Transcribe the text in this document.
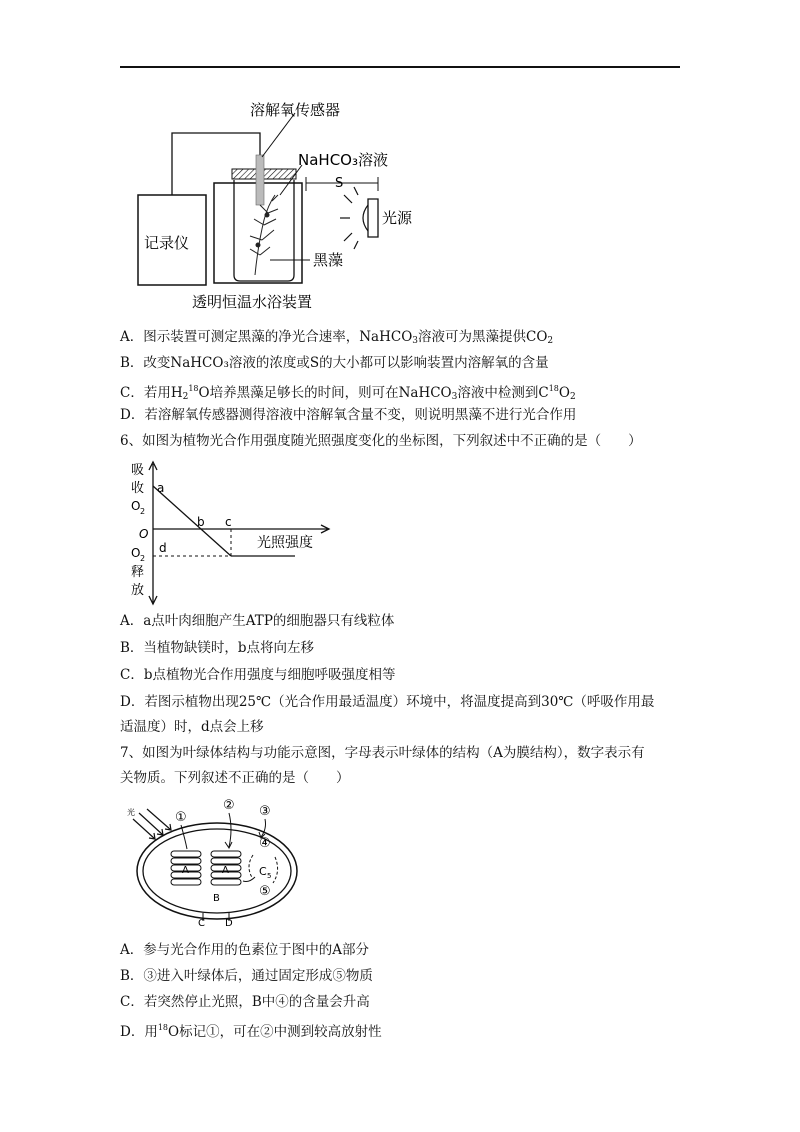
记录仪
溶解氧传感器
NaHCO₃溶液
S
光源
黑藻
透明恒温水浴装置
A．图示装置可测定黑藻的净光合速率，NaHCO$_3$溶液可为黑藻提供$CO_2$
B．改变NaHCO₃溶液的浓度或S的大小都可以影响装置内溶解氧的含量
C．若用$H_2^{18}O$培养黑藻足够长的时间，则可在NaHCO$_3$溶液中检测到$C^{18}O_2$
D．若溶解氧传感器测得溶液中溶解氧含量不变，则说明黑藻不进行光合作用
6、如图为植物光合作用强度随光照强度变化的坐标图，下列叙述中不正确的是（　　）
吸
收
O 2
O
O 2
释
放
a
b c
d	光照强度
A．a点叶肉细胞产生ATP的细胞器只有线粒体
B．当植物缺镁时，b点将向左移
C．b点植物光合作用强度与细胞呼吸强度相等
D．若图示植物出现25℃（光合作用最适温度）环境中，将温度提高到30℃（呼吸作用最
适温度）时，d点会上移
7、如图为叶绿体结构与功能示意图，字母表示叶绿体的结构（A为膜结构），数字表示有
关物质。下列叙述不正确的是（　　）
光
A	A
①
② ③
④
C 5
⑤
B
C D
A．参与光合作用的色素位于图中的A部分
B．③进入叶绿体后，通过固定形成⑤物质
C．若突然停止光照，B中④的含量会升高
D．用$^{18}$O标记①，可在②中测到较高放射性
